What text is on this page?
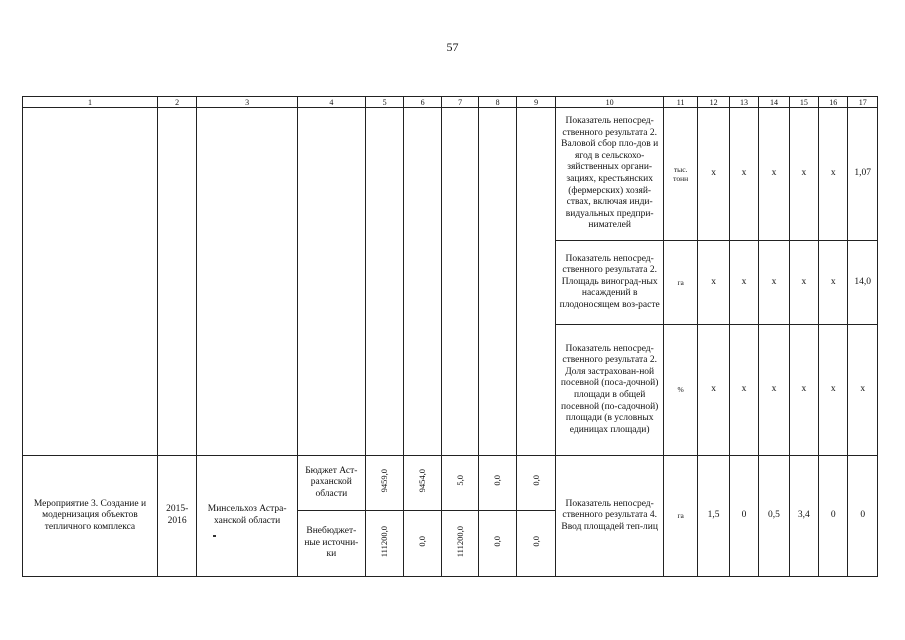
57
1	2	3	4	5	6	7	8	9	10	11	12	13	14	15	16	17
									Показатель непосред-ственного результата 2. Валовой сбор пло-дов и ягод в сельскохо-зяйственных органи-зациях, крестьянских (фермерских) хозяй-ствах, включая инди-видуальных предпри-нимателей	тыс. тонн	x	x	x	x	x	1,07
									Показатель непосред-ственного результата 2. Площадь виноград-ных насаждений в плодоносящем воз-расте	га	x	x	x	x	x	14,0
									Показатель непосред-ственного результата 2. Доля застрахован-ной посевной (поса-дочной) площади в общей посевной (по-садочной) площади (в условных единицах площади)	%	x	x	x	x	x	x
Мероприятие 3. Создание и модернизация объектов тепличного комплекса	2015-2016	Минсельхоз Астра-ханской области	Бюджет Аст-раханской области	9459,0	9454,0	5,0	0,0	0,0	Показатель непосред-ственного результата 4. Ввод площадей теп-лиц	га	1,5	0	0,5	3,4	0	0
			Внебюджет-ные источни-ки	111200,0	0,0	111200,0	0,0	0,0								
